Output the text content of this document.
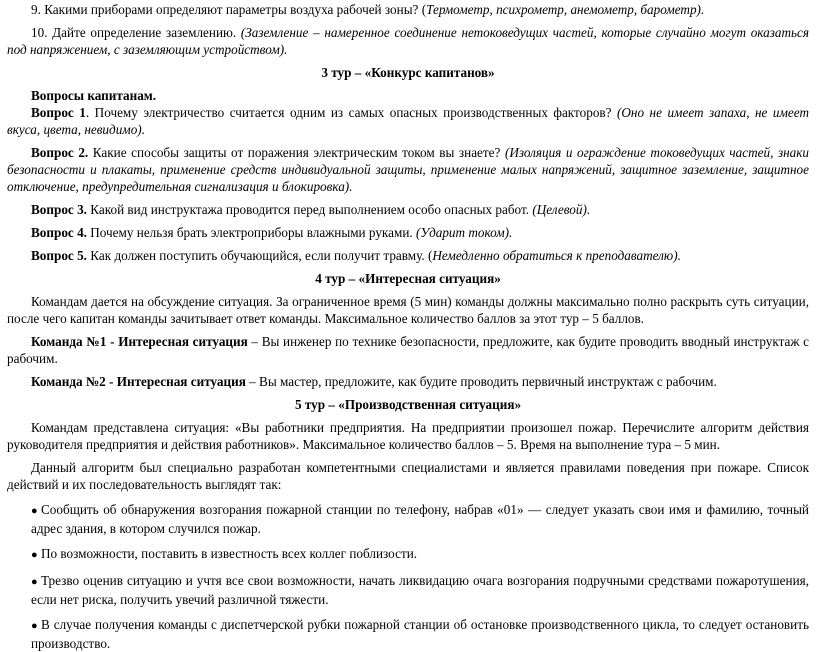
9. Какими приборами определяют параметры воздуха рабочей зоны? (Термометр, психрометр, анемометр, барометр).

10. Дайте определение заземлению. (Заземление – намеренное соединение нетоковедущих частей, которые случайно могут оказаться под напряжением, с заземляющим устройством).

3 тур – «Конкурс капитанов»

Вопросы капитанам.

Вопрос 1. Почему электричество считается одним из самых опасных производственных факторов? (Оно не имеет запаха, не имеет вкуса, цвета, невидимо).

Вопрос 2. Какие способы защиты от поражения электрическим током вы знаете? (Изоляция и ограждение токоведущих частей, знаки безопасности и плакаты, применение средств индивидуальной защиты, применение малых напряжений, защитное заземление, защитное отключение, предупредительная сигнализация и блокировка).

Вопрос 3. Какой вид инструктажа проводится перед выполнением особо опасных работ. (Целевой).

Вопрос 4. Почему нельзя брать электроприборы влажными руками. (Ударит током).

Вопрос 5. Как должен поступить обучающийся, если получит травму. (Немедленно обратиться к преподавателю).

4 тур – «Интересная ситуация»

Командам дается на обсуждение ситуация. За ограниченное время (5 мин) команды должны максимально полно раскрыть суть ситуации, после чего капитан команды зачитывает ответ команды. Максимальное количество баллов за этот тур – 5 баллов.

Команда №1 - Интересная ситуация – Вы инженер по технике безопасности, предложите, как будите проводить вводный инструктаж с рабочим.

Команда №2 - Интересная ситуация – Вы мастер, предложите, как будите проводить первичный инструктаж с рабочим.

5 тур – «Производственная ситуация»

Командам представлена ситуация: «Вы работники предприятия. На предприятии произошел пожар. Перечислите алгоритм действия руководителя предприятия и действия работников». Максимальное количество баллов – 5. Время на выполнение тура – 5 мин.

Данный алгоритм был специально разработан компетентными специалистами и является правилами поведения при пожаре. Список действий и их последовательность выглядят так:

● Сообщить об обнаружения возгорания пожарной станции по телефону, набрав «01» — следует указать свои имя и фамилию, точный адрес здания, в котором случился пожар.

● По возможности, поставить в известность всех коллег поблизости.

● Трезво оценив ситуацию и учтя все свои возможности, начать ликвидацию очага возгорания подручными средствами пожаротушения, если нет риска, получить увечий различной тяжести.

● В случае получения команды с диспетчерской рубки пожарной станции об остановке производственного цикла, то следует остановить производство.
